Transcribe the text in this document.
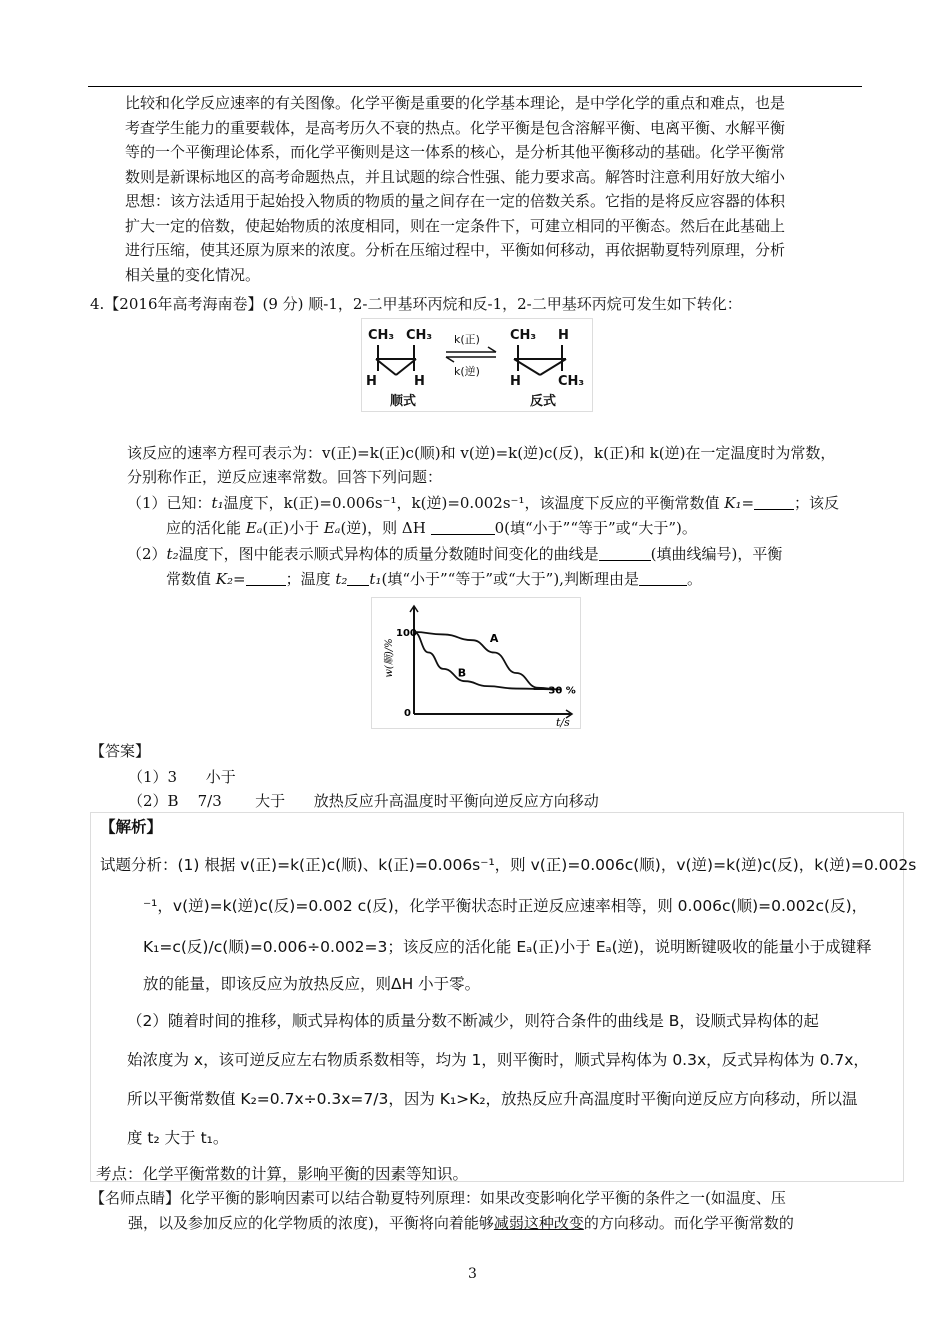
比较和化学反应速率的有关图像。化学平衡是重要的化学基本理论，是中学化学的重点和难点，也是
考查学生能力的重要载体，是高考历久不衰的热点。化学平衡是包含溶解平衡、电离平衡、水解平衡
等的一个平衡理论体系，而化学平衡则是这一体系的核心，是分析其他平衡移动的基础。化学平衡常
数则是新课标地区的高考命题热点，并且试题的综合性强、能力要求高。解答时注意利用好放大缩小
思想：该方法适用于起始投入物质的物质的量之间存在一定的倍数关系。它指的是将反应容器的体积
扩大一定的倍数，使起始物质的浓度相同，则在一定条件下，可建立相同的平衡态。然后在此基础上
进行压缩，使其还原为原来的浓度。分析在压缩过程中，平衡如何移动，再依据勒夏特列原理，分析
相关量的变化情况。
4.【2016年高考海南卷】(9 分) 顺-1，2-二甲基环丙烷和反-1，2-二甲基环丙烷可发生如下转化：
CH₃ CH₃
H	H
顺式
k(正)
k(逆)
CH₃ H
H	CH₃
反式
该反应的速率方程可表示为：v(正)=k(正)c(顺)和 v(逆)=k(逆)c(反)，k(正)和 k(逆)在一定温度时为常数，
分别称作正，逆反应速率常数。回答下列问题：
（1）已知：t₁温度下，k(正)=0.006s⁻¹，k(逆)=0.002s⁻¹，该温度下反应的平衡常数值 K₁=	；该反
应的活化能 Eₐ(正)小于 Eₐ(逆)，则 ΔH	0(填“小于”“等于”或“大于”)。
（2）t₂温度下，图中能表示顺式异构体的质量分数随时间变化的曲线是	(填曲线编号)，平衡
常数值 K₂=	；温度 t₂ t₁(填“小于”“等于”或“大于”),判断理由是	。
100
0
w(顺)/%
t/s
A
B
30 %
【答案】
（1）3      小于
（2）B    7/3       大于      放热反应升高温度时平衡向逆反应方向移动
【解析】
试题分析：(1) 根据 v(正)=k(正)c(顺)、k(正)=0.006s⁻¹，则 v(正)=0.006c(顺)，v(逆)=k(逆)c(反)，k(逆)=0.002s
⁻¹，v(逆)=k(逆)c(反)=0.002 c(反)，化学平衡状态时正逆反应速率相等，则 0.006c(顺)=0.002c(反)，
K₁=c(反)/c(顺)=0.006÷0.002=3；该反应的活化能 Eₐ(正)小于 Eₐ(逆)，说明断键吸收的能量小于成键释
放的能量，即该反应为放热反应，则ΔH 小于零。
（2）随着时间的推移，顺式异构体的质量分数不断减少，则符合条件的曲线是 B，设顺式异构体的起
始浓度为 x，该可逆反应左右物质系数相等，均为 1，则平衡时，顺式异构体为 0.3x，反式异构体为 0.7x，
所以平衡常数值 K₂=0.7x÷0.3x=7/3，因为 K₁>K₂，放热反应升高温度时平衡向逆反应方向移动，所以温
度 t₂ 大于 t₁。
考点：化学平衡常数的计算，影响平衡的因素等知识。
【名师点睛】化学平衡的影响因素可以结合勒夏特列原理：如果改变影响化学平衡的条件之一(如温度、压
强，以及参加反应的化学物质的浓度)，平衡将向着能够减弱这种改变的方向移动。而化学平衡常数的
3
